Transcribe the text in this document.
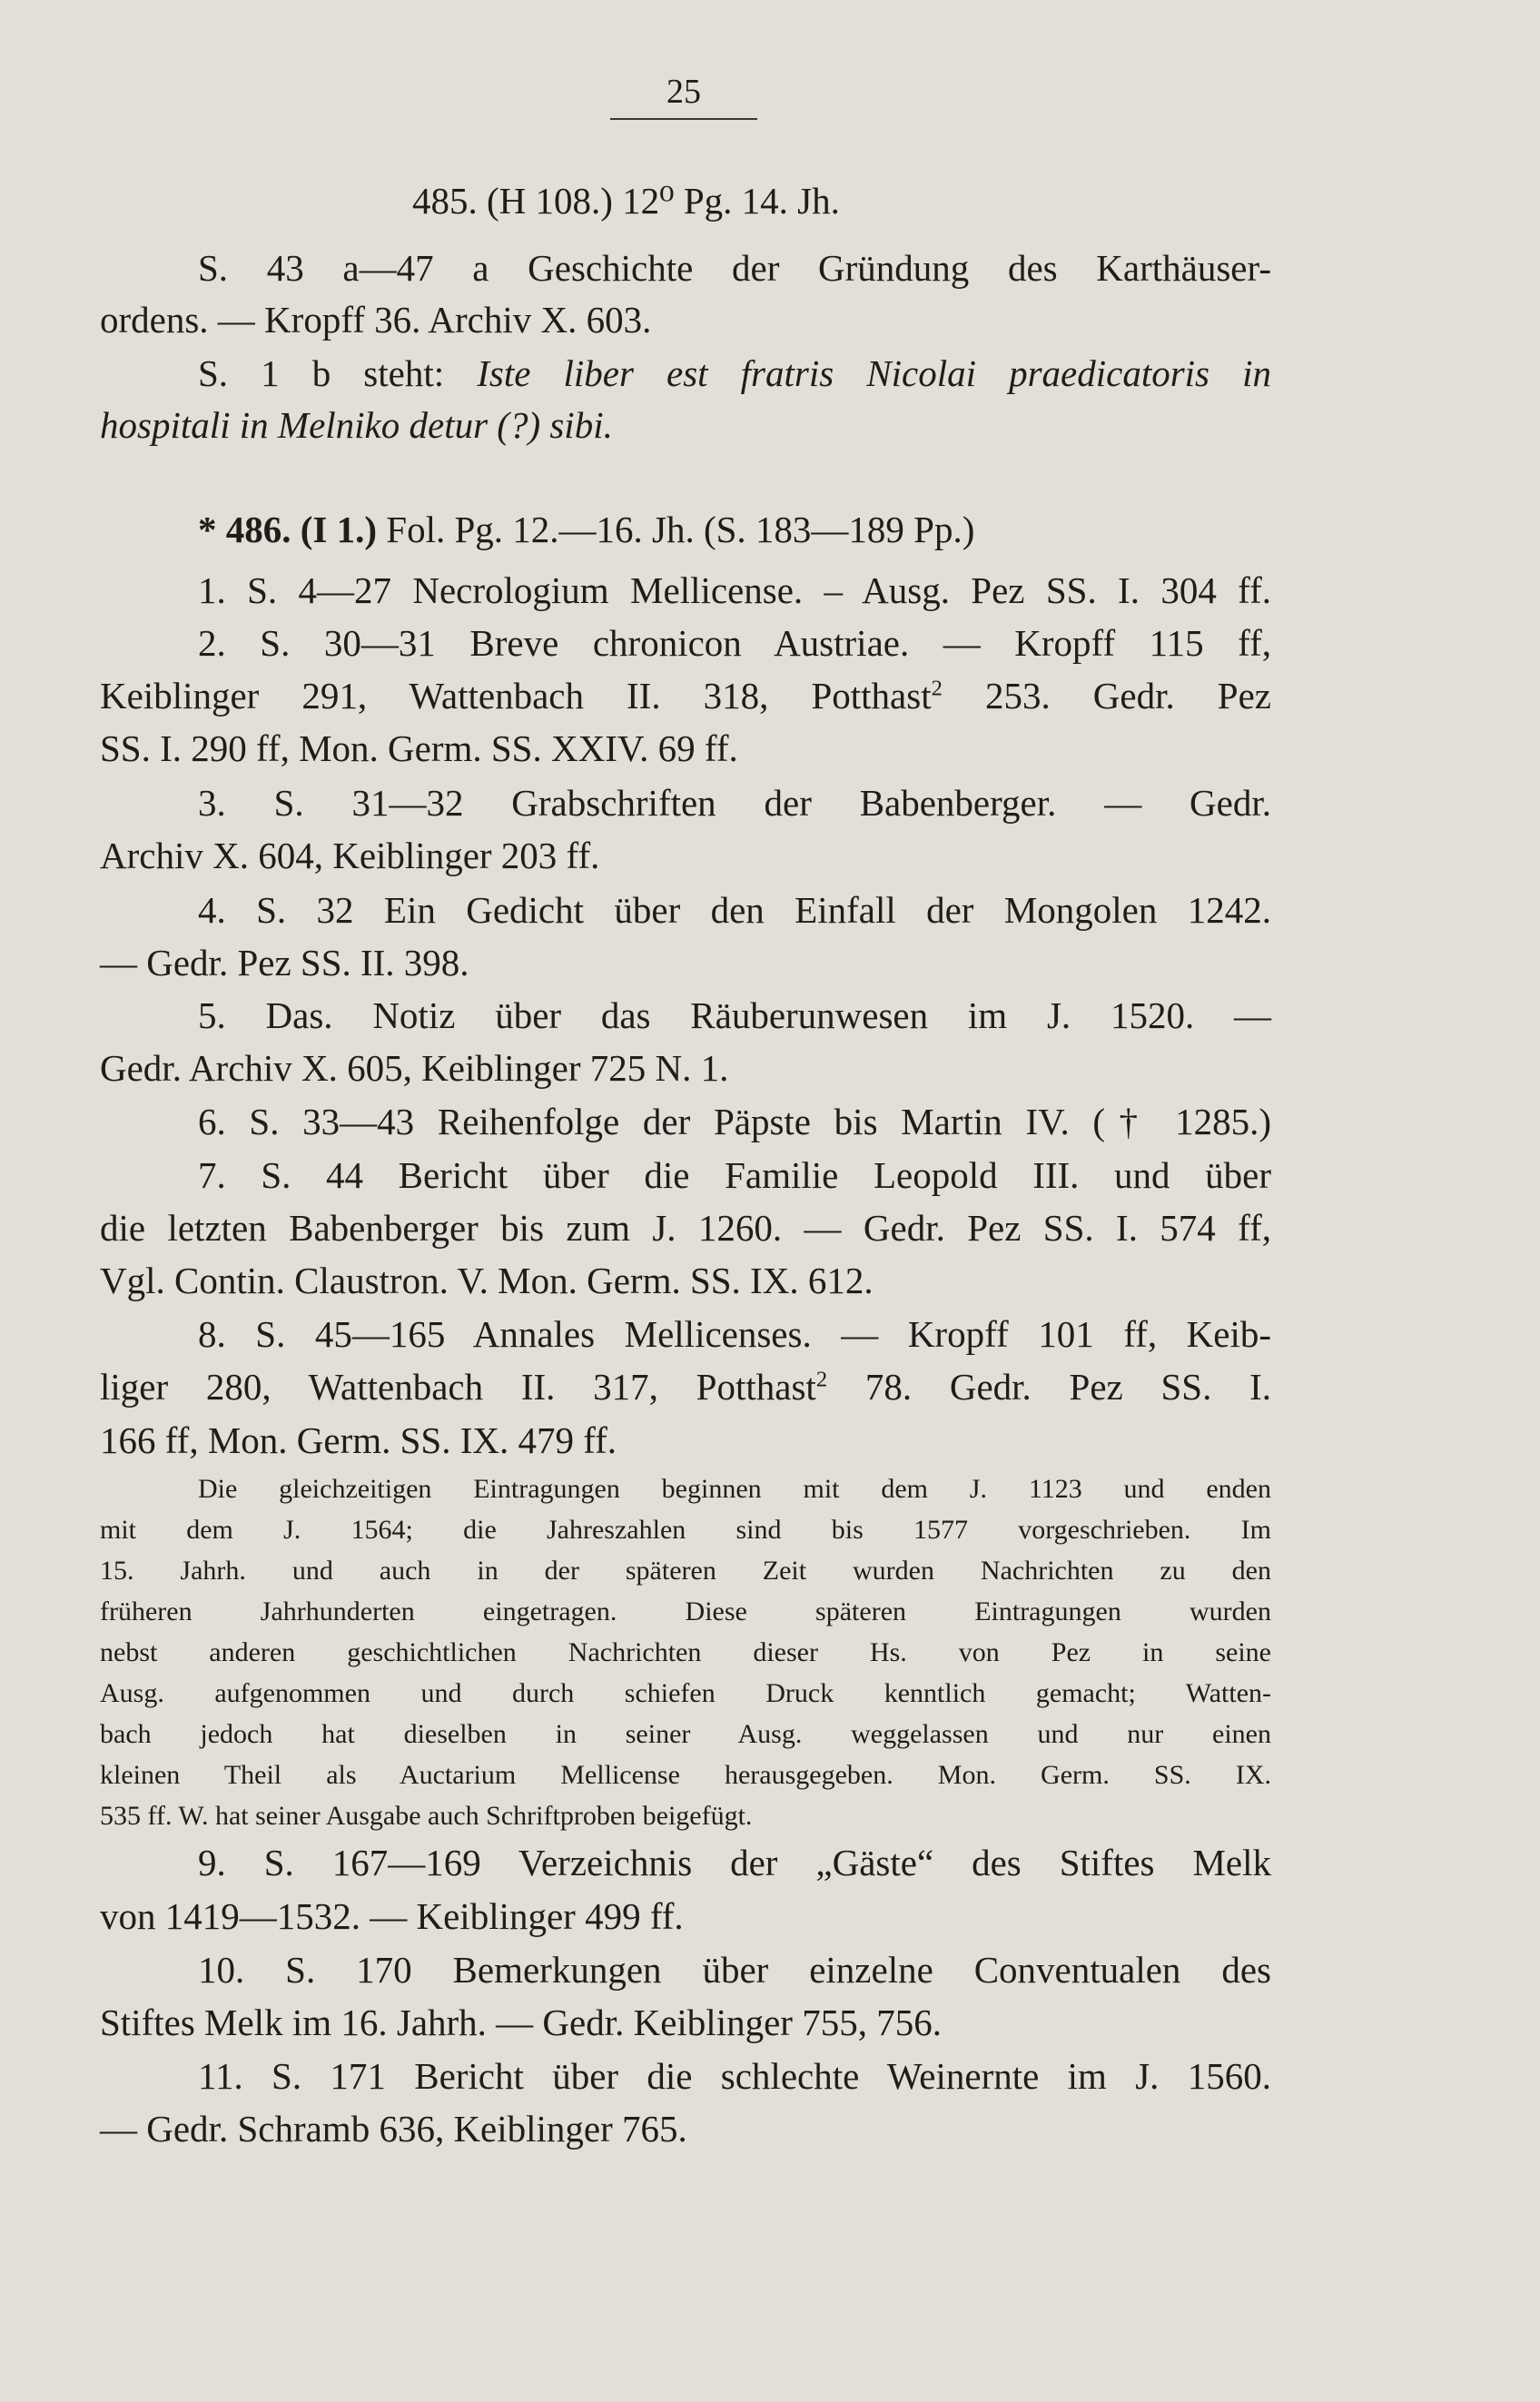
25
485. (H 108.) 12⁰ Pg. 14. Jh.
S. 43 a—47 a Geschichte der Gründung des Karthäuser-
ordens. — Kropff 36. Archiv X. 603.
S. 1 b steht: Iste liber est fratris Nicolai praedicatoris in
hospitali in Melniko detur (?) sibi.
* 486. (I 1.) Fol. Pg. 12.—16. Jh. (S. 183—189 Pp.)
1. S. 4—27 Necrologium Mellicense. – Ausg. Pez SS. I. 304 ff.
2. S. 30—31 Breve chronicon Austriae. — Kropff 115 ff,
Keiblinger 291, Wattenbach II. 318, Potthast$^2$ 253. Gedr. Pez
SS. I. 290 ff, Mon. Germ. SS. XXIV. 69 ff.
3. S. 31—32 Grabschriften der Babenberger. — Gedr.
Archiv X. 604, Keiblinger 203 ff.
4. S. 32 Ein Gedicht über den Einfall der Mongolen 1242.
— Gedr. Pez SS. II. 398.
5. Das. Notiz über das Räuberunwesen im J. 1520. —
Gedr. Archiv X. 605, Keiblinger 725 N. 1.
6. S. 33—43 Reihenfolge der Päpste bis Martin IV. († 1285.)
7. S. 44 Bericht über die Familie Leopold III. und über
die letzten Babenberger bis zum J. 1260. — Gedr. Pez SS. I. 574 ff,
Vgl. Contin. Claustron. V. Mon. Germ. SS. IX. 612.
8. S. 45—165 Annales Mellicenses. — Kropff 101 ff, Keib-
liger 280, Wattenbach II. 317, Potthast$^2$ 78. Gedr. Pez SS. I.
166 ff, Mon. Germ. SS. IX. 479 ff.
Die gleichzeitigen Eintragungen beginnen mit dem J. 1123 und enden
mit dem J. 1564; die Jahreszahlen sind bis 1577 vorgeschrieben. Im
15. Jahrh. und auch in der späteren Zeit wurden Nachrichten zu den
früheren Jahrhunderten eingetragen. Diese späteren Eintragungen wurden
nebst anderen geschichtlichen Nachrichten dieser Hs. von Pez in seine
Ausg. aufgenommen und durch schiefen Druck kenntlich gemacht; Watten-
bach jedoch hat dieselben in seiner Ausg. weggelassen und nur einen
kleinen Theil als Auctarium Mellicense herausgegeben. Mon. Germ. SS. IX.
535 ff. W. hat seiner Ausgabe auch Schriftproben beigefügt.
9. S. 167—169 Verzeichnis der „Gäste“ des Stiftes Melk
von 1419—1532. — Keiblinger 499 ff.
10. S. 170 Bemerkungen über einzelne Conventualen des
Stiftes Melk im 16. Jahrh. — Gedr. Keiblinger 755, 756.
11. S. 171 Bericht über die schlechte Weinernte im J. 1560.
— Gedr. Schramb 636, Keiblinger 765.
